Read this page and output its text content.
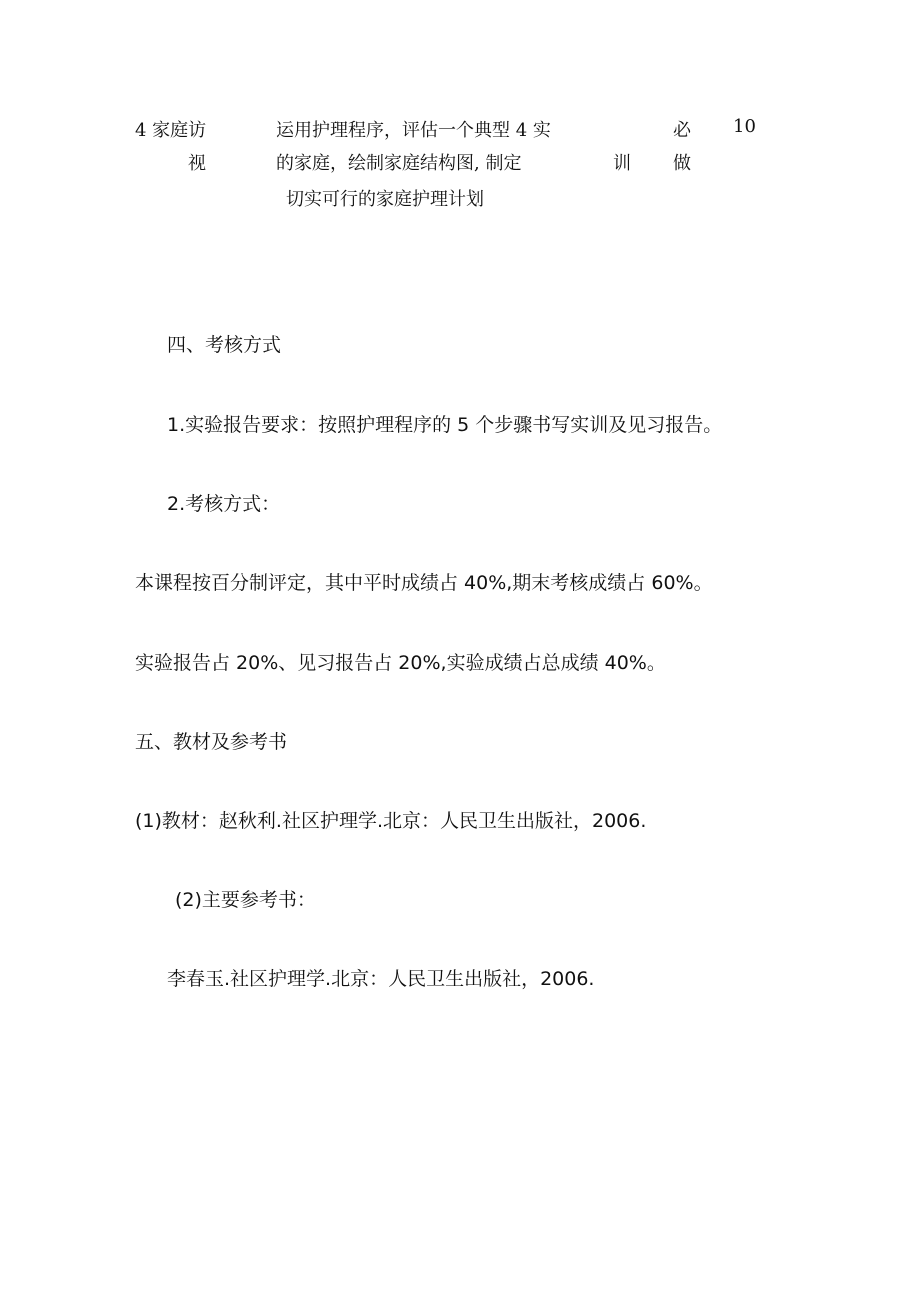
4 家庭访
视
运用护理程序，评估一个典型 4 实
的家庭，绘制家庭结构图, 制定
切实可行的家庭护理计划
训
必
做
10
四、考核方式
1.实验报告要求：按照护理程序的 5 个步骤书写实训及见习报告。
2.考核方式：
本课程按百分制评定，其中平时成绩占 40%,期末考核成绩占 60%。
实验报告占 20%、见习报告占 20%,实验成绩占总成绩 40%。
五、教材及参考书
(1)教材：赵秋利.社区护理学.北京：人民卫生出版社，2006.
(2)主要参考书：
李春玉.社区护理学.北京：人民卫生出版社，2006.
